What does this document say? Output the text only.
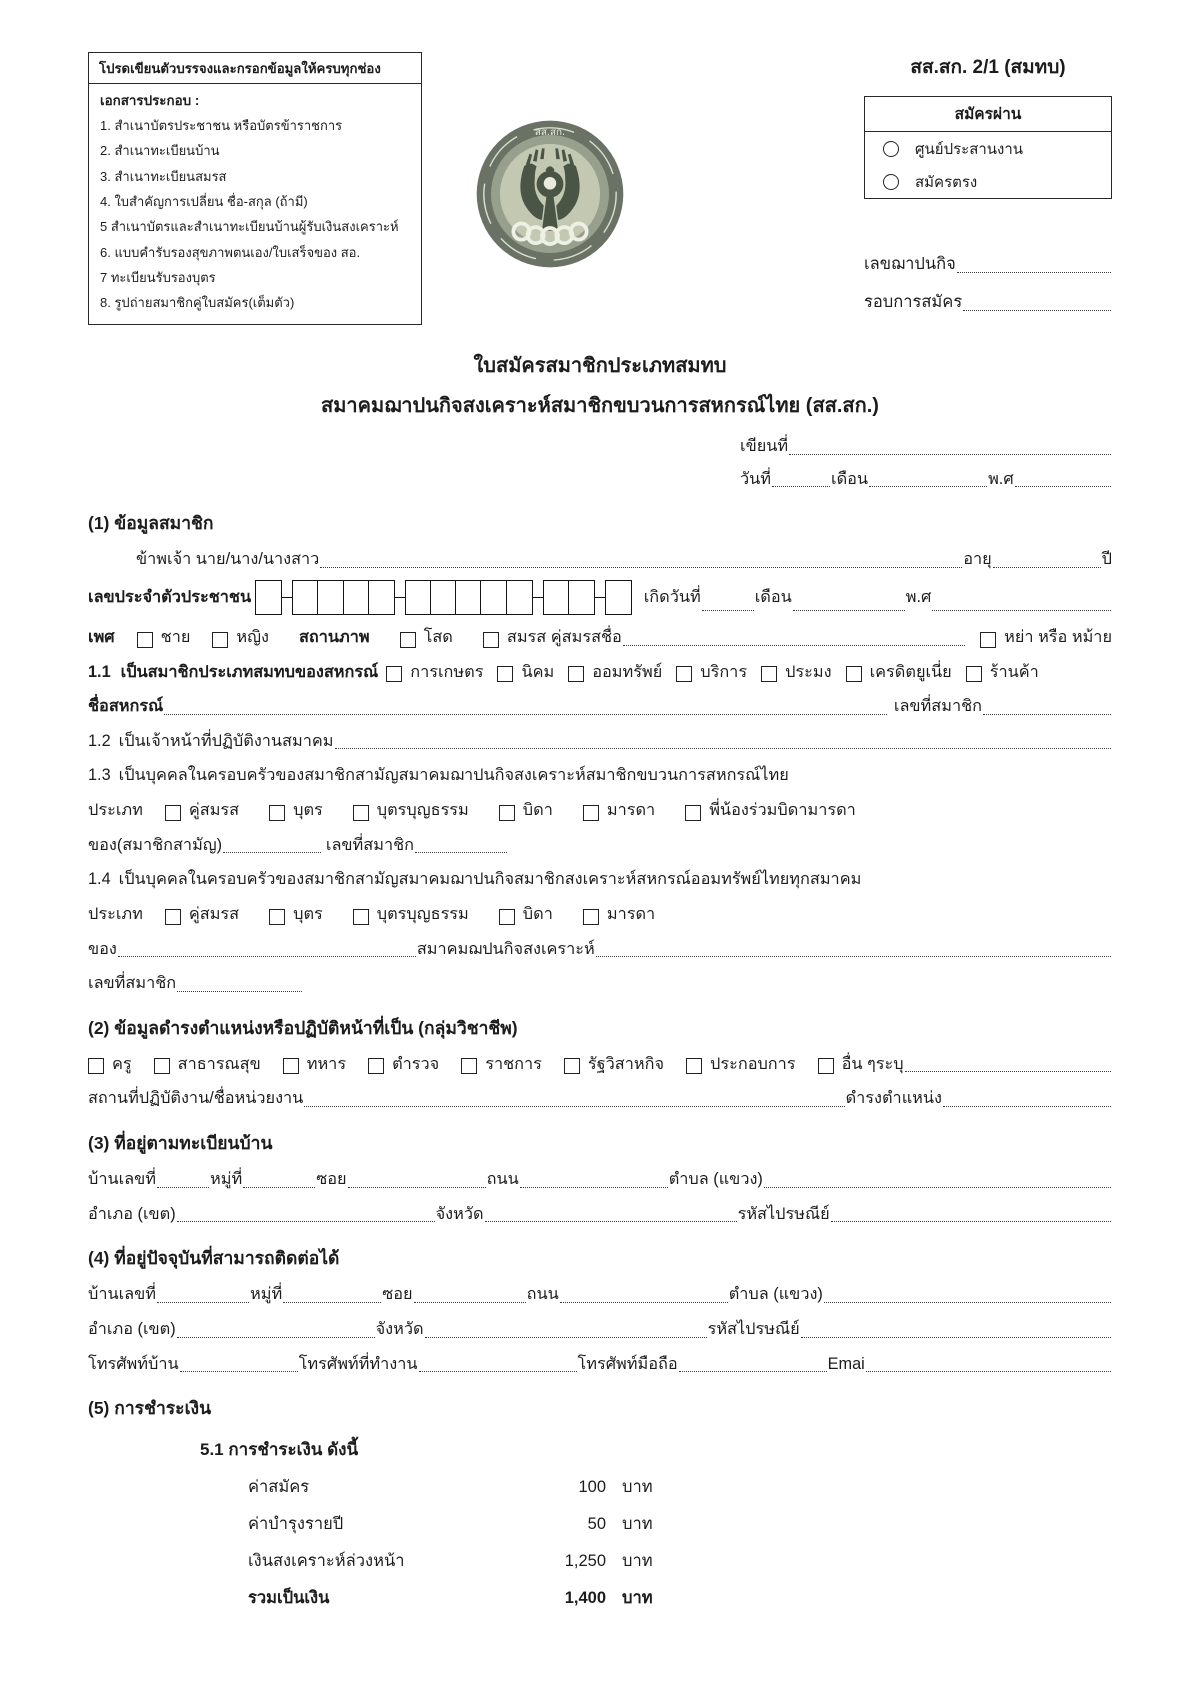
โปรดเขียนตัวบรรจงและกรอกข้อมูลให้ครบทุกช่อง
เอกสารประกอบ :
1. สำเนาบัตรประชาชน หรือบัตรข้าราชการ
2. สำเนาทะเบียนบ้าน
3. สำเนาทะเบียนสมรส
4. ใบสำคัญการเปลี่ยน ชื่อ-สกุล (ถ้ามี)
5 สำเนาบัตรและสำเนาทะเบียนบ้านผู้รับเงินสงเคราะห์
6. แบบคำรับรองสุขภาพตนเอง/ใบเสร็จของ สอ.
7 ทะเบียนรับรองบุตร
8. รูปถ่ายสมาชิกคู่ใบสมัคร(เต็มตัว)
สส.สก.
สส.สก. 2/1 (สมทบ)
สมัครผ่าน
ศูนย์ประสานงาน
สมัครตรง
เลขฌาปนกิจ
รอบการสมัคร
ใบสมัครสมาชิกประเภทสมทบ
สมาคมฌาปนกิจสงเคราะห์สมาชิกขบวนการสหกรณ์ไทย (สส.สก.)
เขียนที่
วันที่	เดือน	พ.ศ
(1) ข้อมูลสมาชิก
ข้าพเจ้า นาย/นาง/นางสาว	อายุ	ปี
เลขประจำตัวประชาชน	เกิดวันที่	เดือน	พ.ศ
เพศ	ชาย	หญิง สถานภาพ	โสด	สมรส คู่สมรสชื่อ	หย่า หรือ หม้าย
1.1 เป็นสมาชิกประเภทสมทบของสหกรณ์ การเกษตร นิคม ออมทรัพย์ บริการ ประมง เครดิตยูเนี่ย ร้านค้า
ชื่อสหกรณ์	เลขที่สมาชิก
1.2 เป็นเจ้าหน้าที่ปฏิบัติงานสมาคม
1.3 เป็นบุคคลในครอบครัวของสมาชิกสามัญสมาคมฌาปนกิจสงเคราะห์สมาชิกขบวนการสหกรณ์ไทย
ประเภท	คู่สมรส	บุตร	บุตรบุญธรรม	บิดา	มารดา	พี่น้องร่วมบิดามารดา
ของ(สมาชิกสามัญ)	เลขที่สมาชิก
1.4 เป็นบุคคลในครอบครัวของสมาชิกสามัญสมาคมฌาปนกิจสมาชิกสงเคราะห์สหกรณ์ออมทรัพย์ไทยทุกสมาคม
ประเภท	คู่สมรส	บุตร	บุตรบุญธรรม	บิดา	มารดา
ของ	สมาคมฌปนกิจสงเคราะห์
เลขที่สมาชิก
(2) ข้อมูลดำรงตำแหน่งหรือปฏิบัติหน้าที่เป็น (กลุ่มวิชาชีพ)
ครู	สาธารณสุข	ทหาร	ตำรวจ	ราชการ	รัฐวิสาหกิจ	ประกอบการ	อื่น ๆระบุ
สถานที่ปฏิบัติงาน/ชื่อหน่วยงาน	ดำรงตำแหน่ง
(3) ที่อยู่ตามทะเบียนบ้าน
บ้านเลขที่	หมู่ที่	ซอย	ถนน	ตำบล (แขวง)
อำเภอ (เขต)	จังหวัด	รหัสไปรษณีย์
(4) ที่อยู่ปัจจุบันที่สามารถติดต่อได้
บ้านเลขที่	หมู่ที่	ซอย	ถนน	ตำบล (แขวง)
อำเภอ (เขต)	จังหวัด	รหัสไปรษณีย์
โทรศัพท์บ้าน	โทรศัพท์ที่ทำงาน	โทรศัพท์มือถือ	Emai
(5) การชำระเงิน
5.1 การชำระเงิน ดังนี้
ค่าสมัคร	100 บาท
ค่าบำรุงรายปี	50 บาท
เงินสงเคราะห์ล่วงหน้า	1,250 บาท
รวมเป็นเงิน	1,400 บาท
